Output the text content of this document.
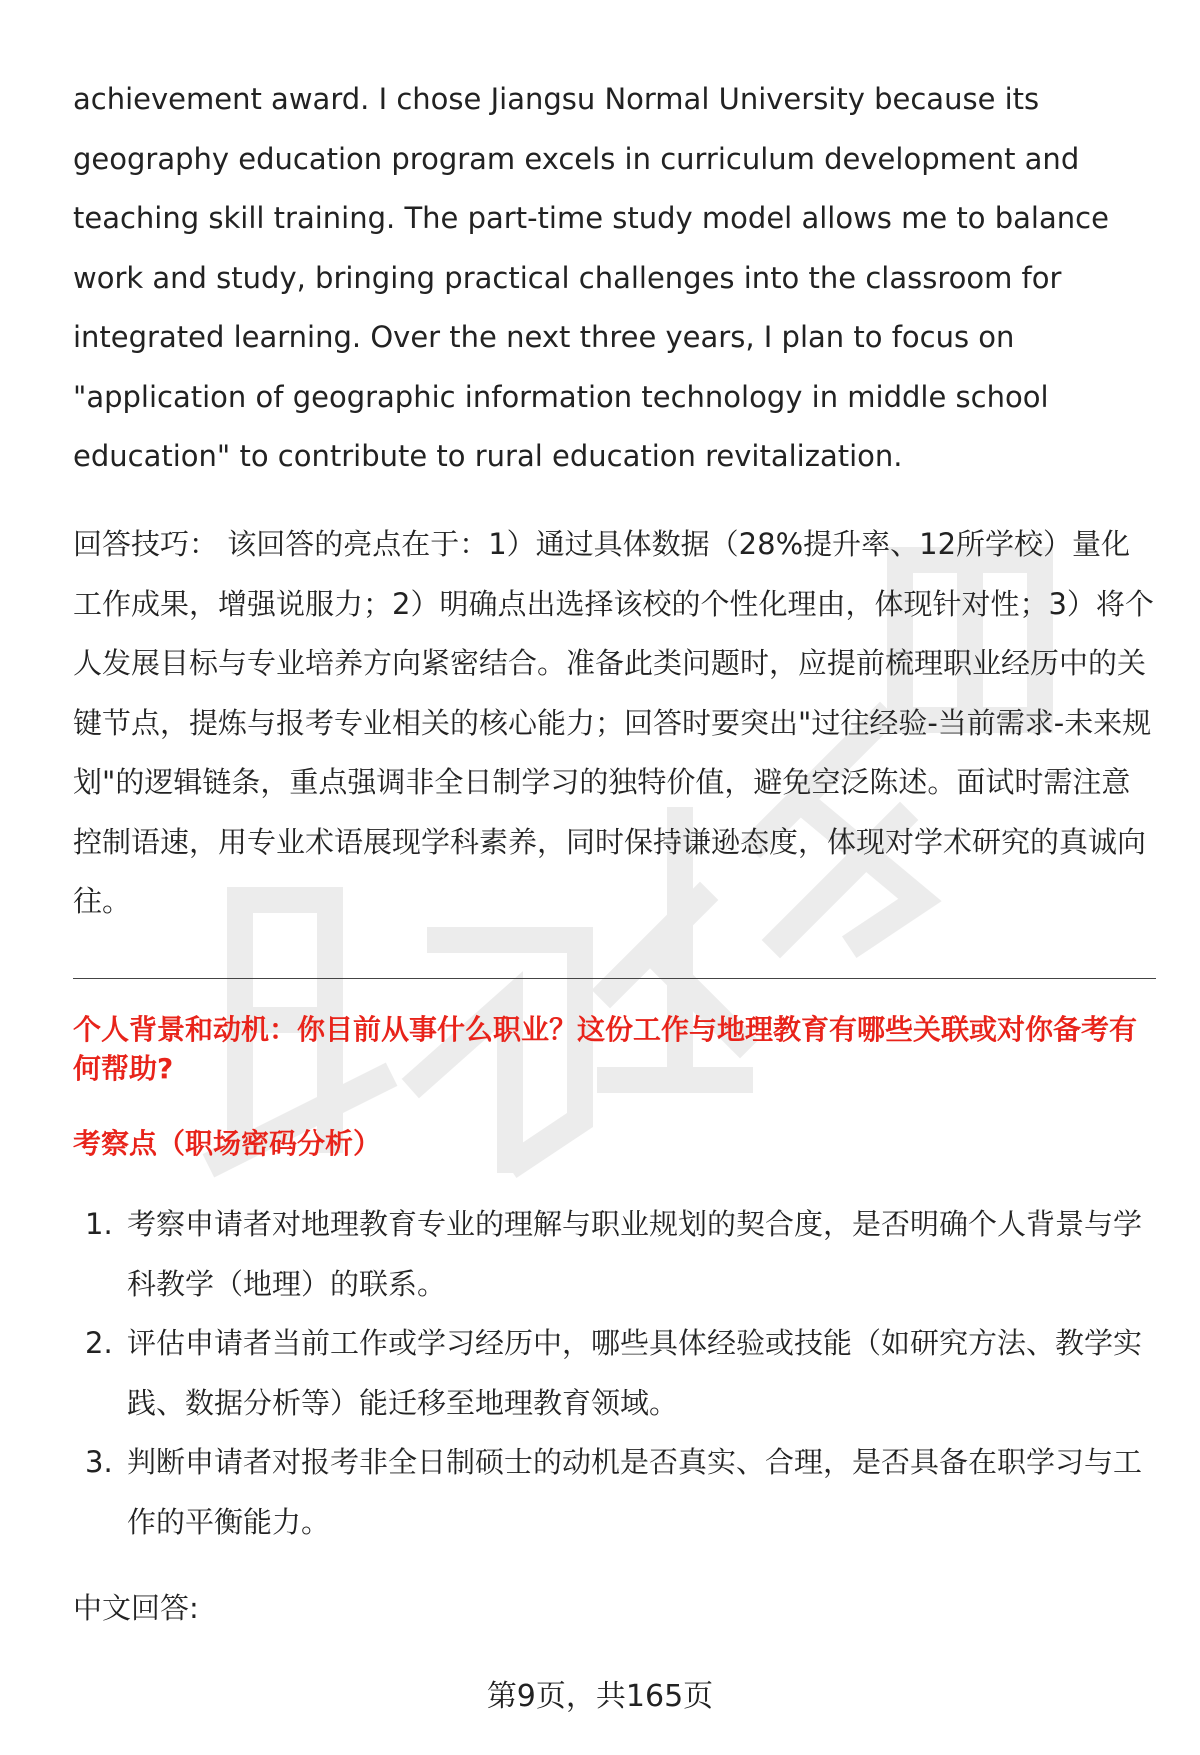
achievement award. I chose Jiangsu Normal University because its geography education program excels in curriculum development and teaching skill training. The part-time study model allows me to balance work and study, bringing practical challenges into the classroom for integrated learning. Over the next three years, I plan to focus on "application of geographic information technology in middle school education" to contribute to rural education revitalization.

回答技巧： 该回答的亮点在于：1）通过具体数据（28%提升率、12所学校）量化工作成果，增强说服力；2）明确点出选择该校的个性化理由，体现针对性；3）将个人发展目标与专业培养方向紧密结合。准备此类问题时，应提前梳理职业经历中的关键节点，提炼与报考专业相关的核心能力；回答时要突出"过往经验-当前需求-未来规划"的逻辑链条，重点强调非全日制学习的独特价值，避免空泛陈述。面试时需注意控制语速，用专业术语展现学科素养，同时保持谦逊态度，体现对学术研究的真诚向往。

个人背景和动机：你目前从事什么职业？这份工作与地理教育有哪些关联或对你备考有何帮助?

考察点（职场密码分析）

1. 考察申请者对地理教育专业的理解与职业规划的契合度，是否明确个人背景与学科教学（地理）的联系。
2. 评估申请者当前工作或学习经历中，哪些具体经验或技能（如研究方法、教学实践、数据分析等）能迁移至地理教育领域。
3. 判断申请者对报考非全日制硕士的动机是否真实、合理，是否具备在职学习与工作的平衡能力。

中文回答:

第9页，共165页
